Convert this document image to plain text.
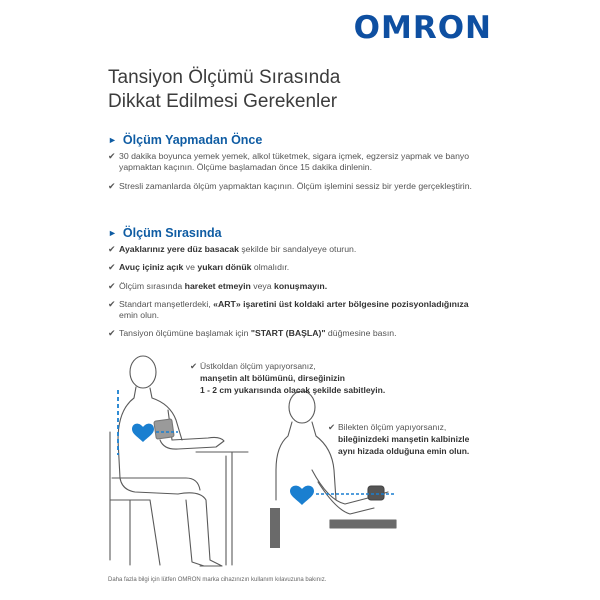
OMRON
Tansiyon Ölçümü Sırasında
Dikkat Edilmesi Gerekenler
► Ölçüm Yapmadan Önce
✔ 30 dakika boyunca yemek yemek, alkol tüketmek, sigara içmek, egzersiz yapmak ve banyo yapmaktan kaçının. Ölçüme başlamadan önce 15 dakika dinlenin.
✔ Stresli zamanlarda ölçüm yapmaktan kaçının. Ölçüm işlemini sessiz bir yerde gerçekleştirin.
► Ölçüm Sırasında
✔ Ayaklarınız yere düz basacak şekilde bir sandalyeye oturun.
✔ Avuç içiniz açık ve yukarı dönük olmalıdır.
✔ Ölçüm sırasında hareket etmeyin veya konuşmayın.
✔ Standart manşetlerdeki, «ART» işaretini üst koldaki arter bölgesine pozisyonladığınıza emin olun.
✔ Tansiyon ölçümüne başlamak için "START (BAŞLA)" düğmesine basın.
✔ Üstkoldan ölçüm yapıyorsanız,
manşetin alt bölümünü, dirseğinizin
1 - 2 cm yukarısında olacak şekilde sabitleyin.
✔ Bilekten ölçüm yapıyorsanız,
bileğinizdeki manşetin kalbinizle
aynı hizada olduğuna emin olun.
Daha fazla bilgi için lütfen OMRON marka cihazınızın kullanım kılavuzuna bakınız.
